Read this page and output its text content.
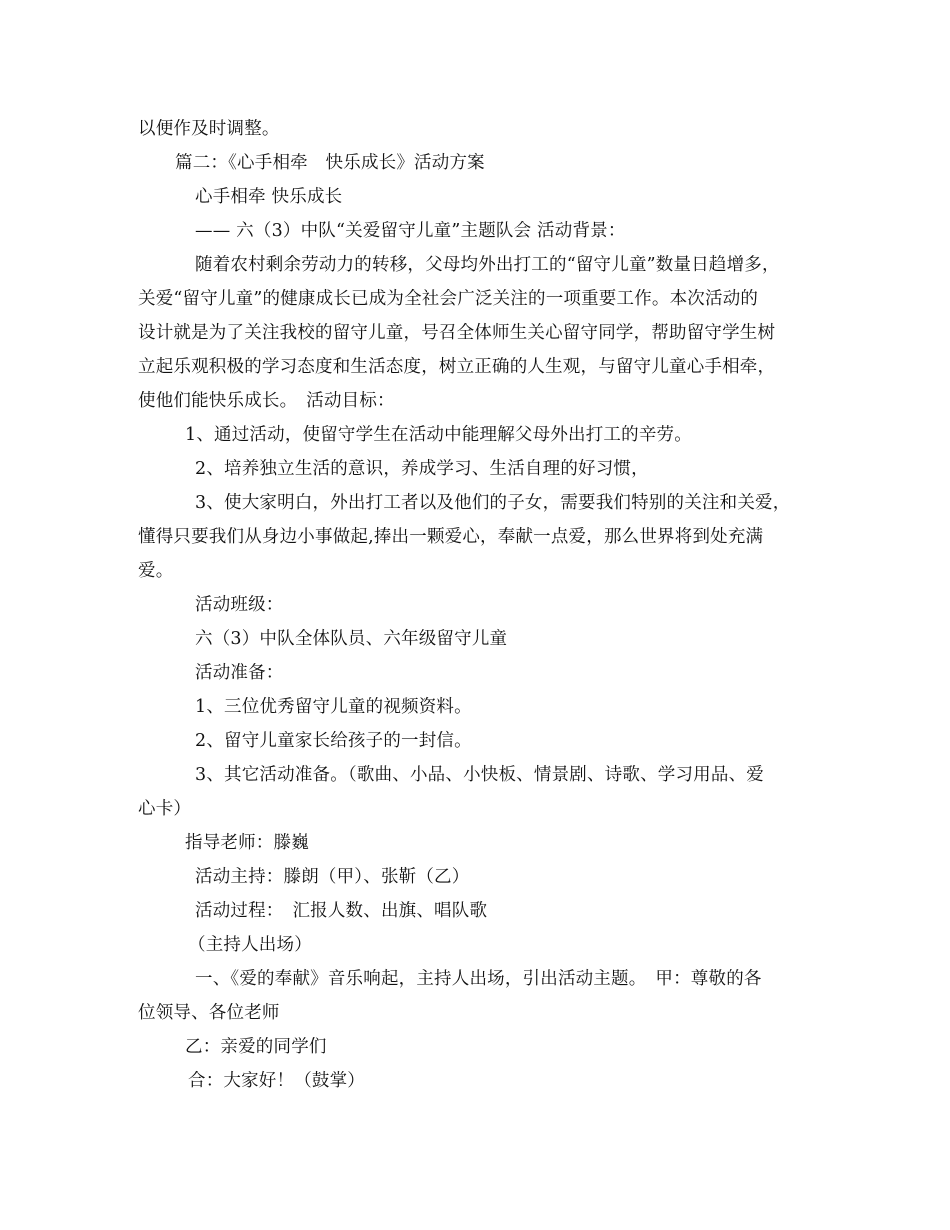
以便作及时调整。
篇二：《心手相牵　快乐成长》活动方案
心手相牵 快乐成长
—— 六（3）中队“关爱留守儿童”主题队会 活动背景：
随着农村剩余劳动力的转移，父母均外出打工的“留守儿童”数量日趋增多，
关爱“留守儿童”的健康成长已成为全社会广泛关注的一项重要工作。本次活动的
设计就是为了关注我校的留守儿童，号召全体师生关心留守同学，帮助留守学生树
立起乐观积极的学习态度和生活态度，树立正确的人生观，与留守儿童心手相牵，
使他们能快乐成长。　活动目标：
1、通过活动，使留守学生在活动中能理解父母外出打工的辛劳。
2、培养独立生活的意识，养成学习、生活自理的好习惯，
3、使大家明白，外出打工者以及他们的子女，需要我们特别的关注和关爱，
懂得只要我们从身边小事做起,捧出一颗爱心，奉献一点爱，那么世界将到处充满
爱。
活动班级：
六（3）中队全体队员、六年级留守儿童
活动准备：
1、三位优秀留守儿童的视频资料。
2、留守儿童家长给孩子的一封信。
3、其它活动准备。（歌曲、小品、小快板、情景剧、诗歌、学习用品、爱
心卡）
指导老师：滕巍
活动主持：滕朗（甲）、张靳（乙）
活动过程：　汇报人数、出旗、唱队歌
（主持人出场）
一、《爱的奉献》音乐响起，主持人出场，引出活动主题。　甲：尊敬的各
位领导、各位老师
乙：亲爱的同学们
合：大家好！（鼓掌）
